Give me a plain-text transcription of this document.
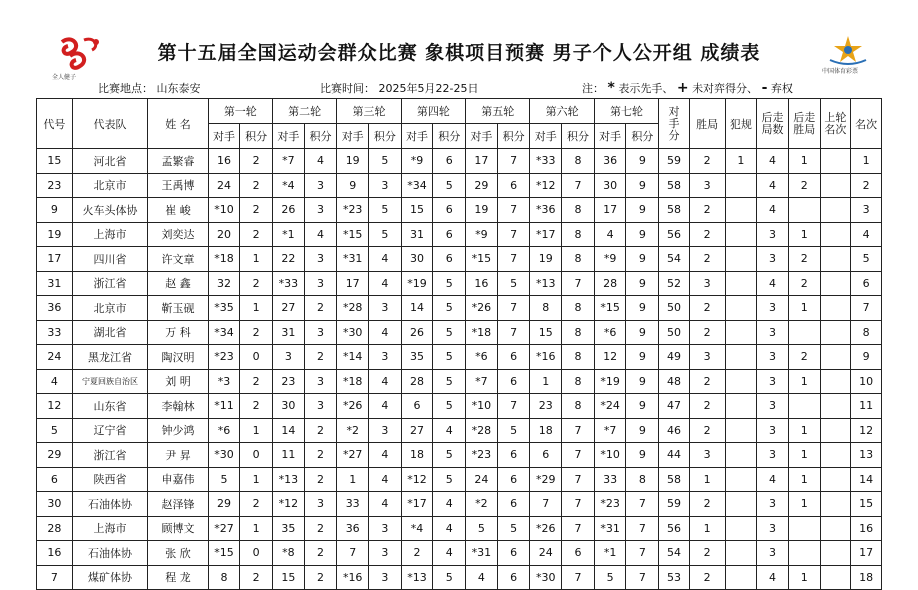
全人健子
中国体育彩票
第十五届全国运动会群众比赛 象棋项目预赛 男子个人公开组 成绩表
比赛地点： 山东泰安	比赛时间： 2025年5月22-25日	注： * 表示先手、 + 未对弈得分、 - 弃权
代号	代表队	姓 名	第一轮		第二轮		第三轮		第四轮		第五轮		第六轮		第七轮		对手分	胜局	犯规	后走局数	后走胜局	上轮名次	名次
			对手	积分	对手	积分	对手	积分	对手	积分	对手	积分	对手	积分	对手	积分							
15	河北省	孟繁睿	16	2	*7	4	19	5	*9	6	17	7	*33	8	36	9	59	2	1	4	1		1
23	北京市	王禹博	24	2	*4	3	9	3	*34	5	29	6	*12	7	30	9	58	3		4	2		2
9	火车头体协	崔 峻	*10	2	26	3	*23	5	15	6	19	7	*36	8	17	9	58	2		4			3
19	上海市	刘奕达	20	2	*1	4	*15	5	31	6	*9	7	*17	8	4	9	56	2		3	1		4
17	四川省	许文章	*18	1	22	3	*31	4	30	6	*15	7	19	8	*9	9	54	2		3	2		5
31	浙江省	赵 鑫	32	2	*33	3	17	4	*19	5	16	5	*13	7	28	9	52	3		4	2		6
36	北京市	靳玉砚	*35	1	27	2	*28	3	14	5	*26	7	8	8	*15	9	50	2		3	1		7
33	湖北省	万 科	*34	2	31	3	*30	4	26	5	*18	7	15	8	*6	9	50	2		3			8
24	黑龙江省	陶汉明	*23	0	3	2	*14	3	35	5	*6	6	*16	8	12	9	49	3		3	2		9
4	宁夏回族自治区	刘 明	*3	2	23	3	*18	4	28	5	*7	6	1	8	*19	9	48	2		3	1		10
12	山东省	李翰林	*11	2	30	3	*26	4	6	5	*10	7	23	8	*24	9	47	2		3			11
5	辽宁省	钟少鸿	*6	1	14	2	*2	3	27	4	*28	5	18	7	*7	9	46	2		3	1		12
29	浙江省	尹 昇	*30	0	11	2	*27	4	18	5	*23	6	6	7	*10	9	44	3		3	1		13
6	陕西省	申嘉伟	5	1	*13	2	1	4	*12	5	24	6	*29	7	33	8	58	1		4	1		14
30	石油体协	赵泽锋	29	2	*12	3	33	4	*17	4	*2	6	7	7	*23	7	59	2		3	1		15
28	上海市	顾博文	*27	1	35	2	36	3	*4	4	5	5	*26	7	*31	7	56	1		3			16
16	石油体协	张 欣	*15	0	*8	2	7	3	2	4	*31	6	24	6	*1	7	54	2		3			17
7	煤矿体协	程 龙	8	2	15	2	*16	3	*13	5	4	6	*30	7	5	7	53	2		4	1		18
